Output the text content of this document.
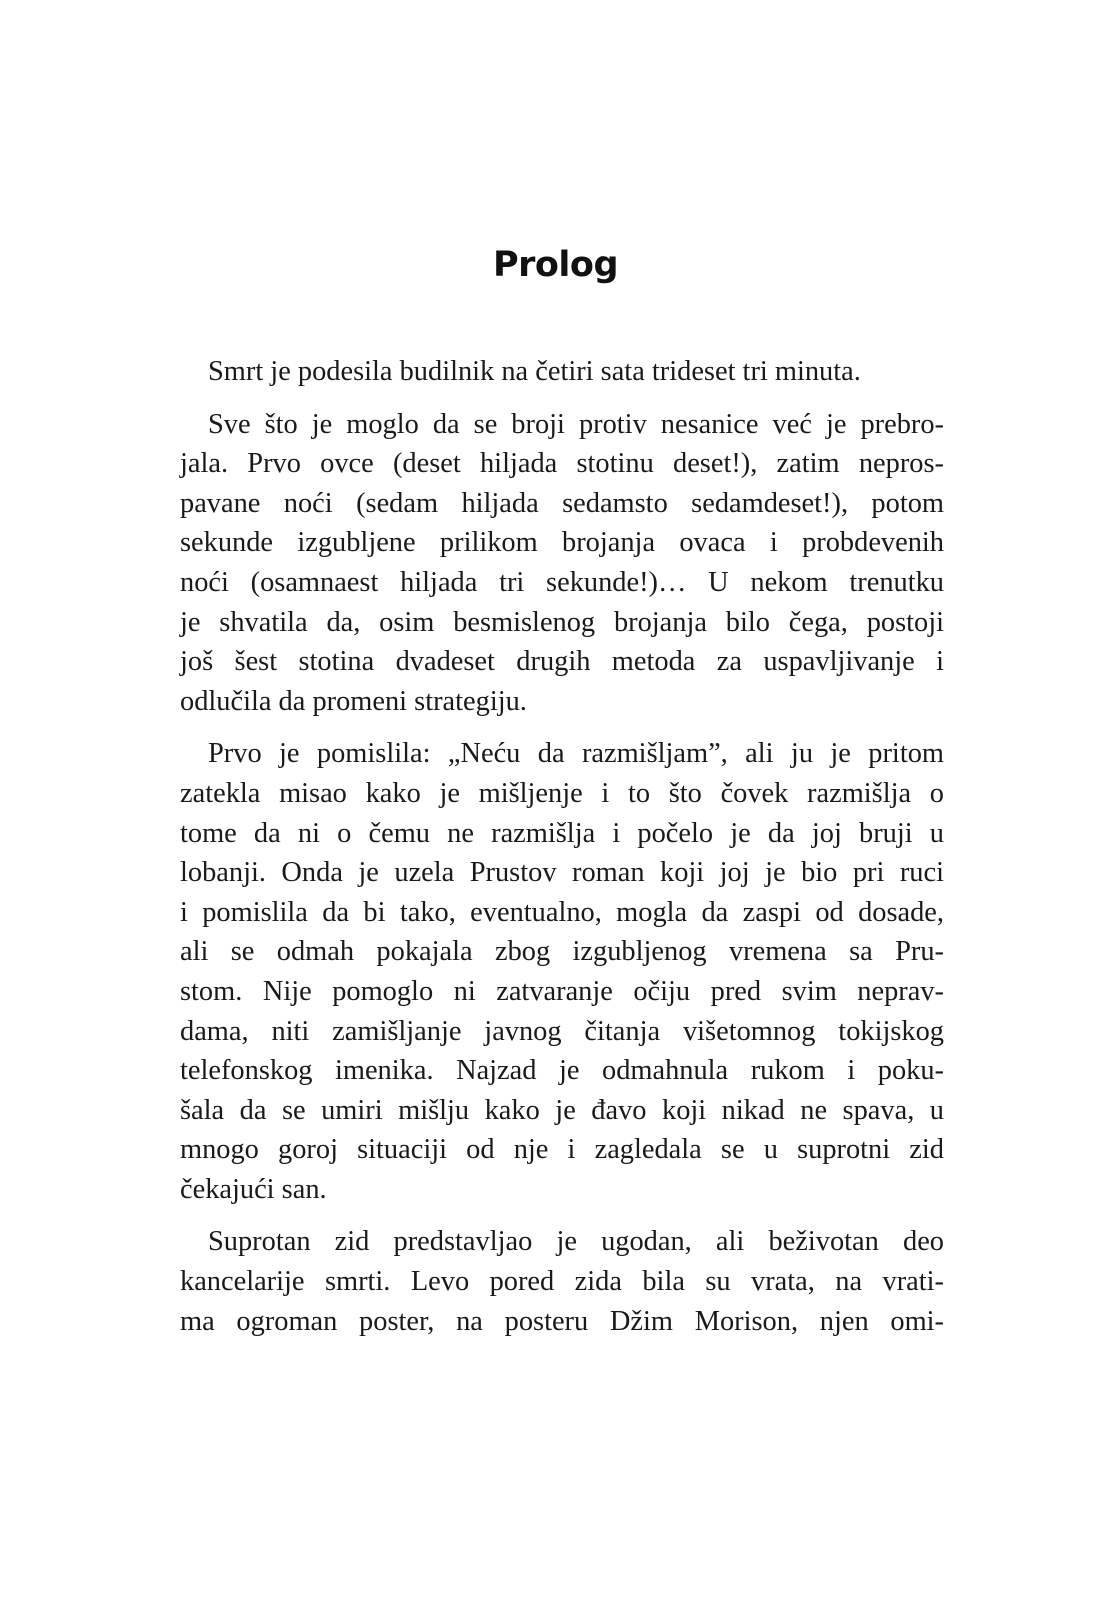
Prolog

Smrt je podesila budilnik na četiri sata trideset tri minuta.

Sve što je moglo da se broji protiv nesanice već je prebro-
jala. Prvo ovce (deset hiljada stotinu deset!), zatim nepros-
pavane noći (sedam hiljada sedamsto sedamdeset!), potom
sekunde izgubljene prilikom brojanja ovaca i probdevenih
noći (osamnaest hiljada tri sekunde!)… U nekom trenutku
je shvatila da, osim besmislenog brojanja bilo čega, postoji
još šest stotina dvadeset drugih metoda za uspavljivanje i
odlučila da promeni strategiju.

Prvo je pomislila: „Neću da razmišljam”, ali ju je pritom
zatekla misao kako je mišljenje i to što čovek razmišlja o
tome da ni o čemu ne razmišlja i počelo je da joj bruji u
lobanji. Onda je uzela Prustov roman koji joj je bio pri ruci
i pomislila da bi tako, eventualno, mogla da zaspi od dosade,
ali se odmah pokajala zbog izgubljenog vremena sa Pru-
stom. Nije pomoglo ni zatvaranje očiju pred svim neprav-
dama, niti zamišljanje javnog čitanja višetomnog tokijskog
telefonskog imenika. Najzad je odmahnula rukom i poku-
šala da se umiri mišlju kako je đavo koji nikad ne spava, u
mnogo goroj situaciji od nje i zagledala se u suprotni zid
čekajući san.

Suprotan zid predstavljao je ugodan, ali beživotan deo
kancelarije smrti. Levo pored zida bila su vrata, na vrati-
ma ogroman poster, na posteru Džim Morison, njen omi-
